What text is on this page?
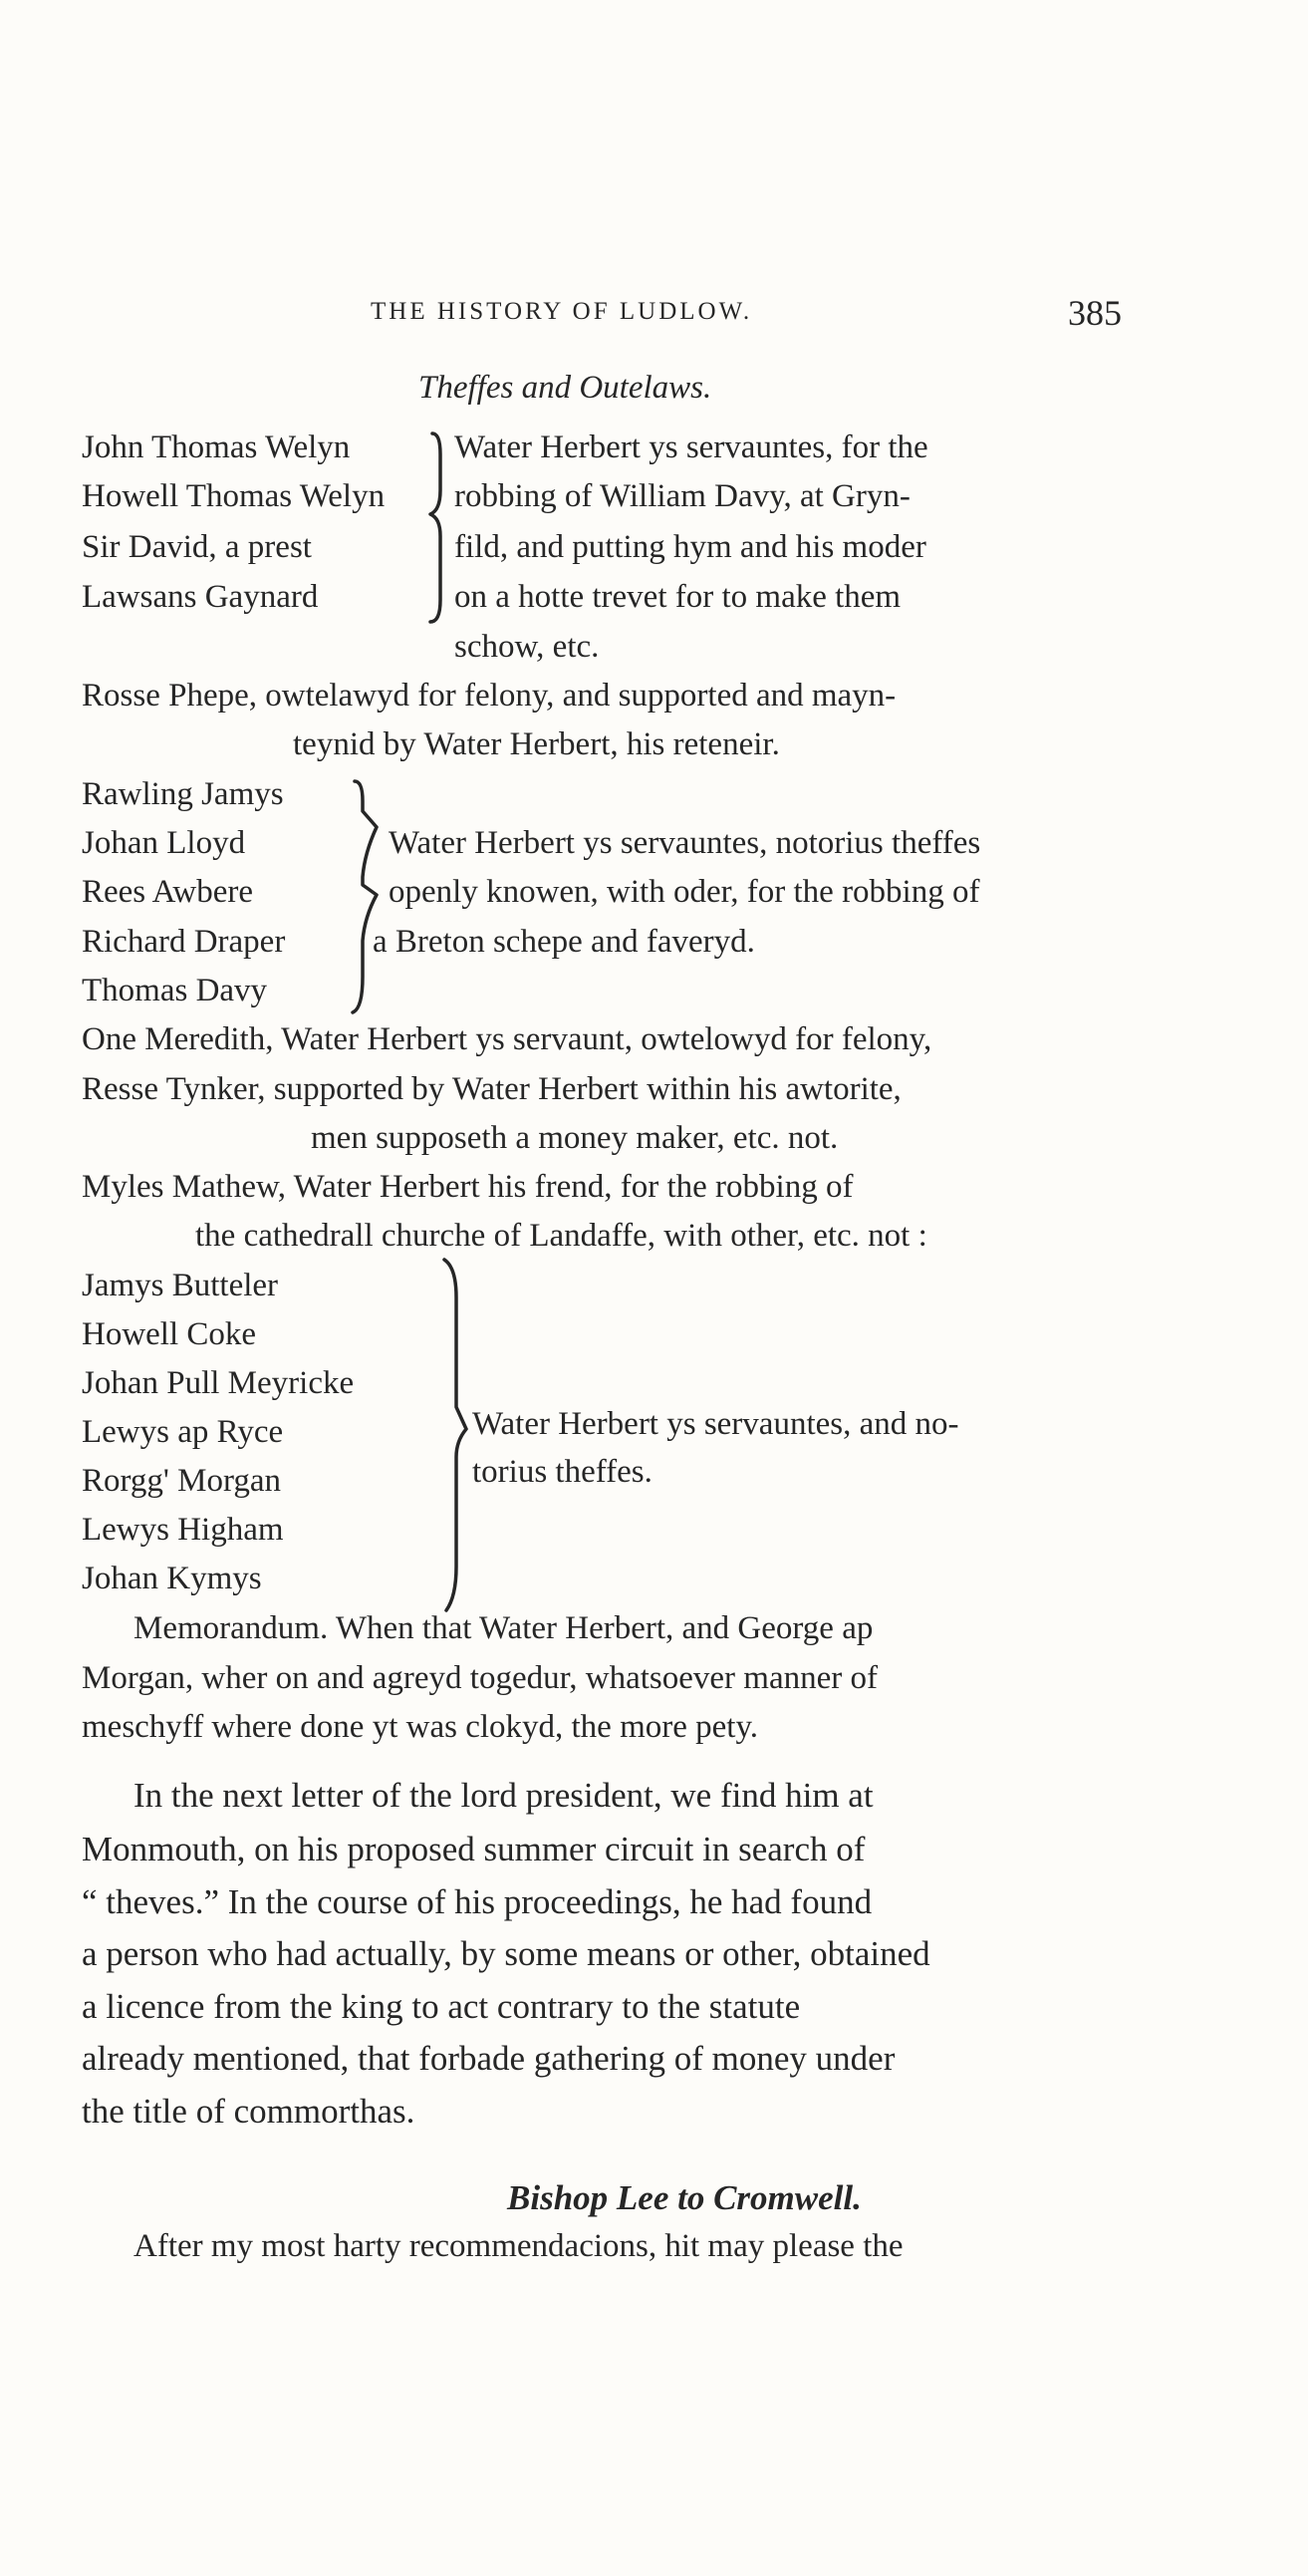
THE HISTORY OF LUDLOW.	385
Theffes and Outelaws.
John Thomas Welyn
Howell Thomas Welyn
Sir David, a prest
Lawsans Gaynard
Water Herbert ys servauntes, for the
robbing of William Davy, at Gryn-
fild, and putting hym and his moder
on a hotte trevet for to make them
schow, etc.
Rosse Phepe, owtelawyd for felony, and supported and mayn-
teynid by Water Herbert, his reteneir.
Rawling Jamys
Johan Lloyd
Rees Awbere
Richard Draper
Thomas Davy
Water Herbert ys servauntes, notorius theffes
openly knowen, with oder, for the robbing of
a Breton schepe and faveryd.
One Meredith, Water Herbert ys servaunt, owtelowyd for felony,
Resse Tynker, supported by Water Herbert within his awtorite,
men supposeth a money maker, etc. not.
Myles Mathew, Water Herbert his frend, for the robbing of
the cathedrall churche of Landaffe, with other, etc. not :
Jamys Butteler
Howell Coke
Johan Pull Meyricke
Lewys ap Ryce
Rorgg' Morgan
Lewys Higham
Johan Kymys
Water Herbert ys servauntes, and no-
torius theffes.
Memorandum. When that Water Herbert, and George ap
Morgan, wher on and agreyd togedur, whatsoever manner of
meschyff where done yt was clokyd, the more pety.
In the next letter of the lord president, we find him at
Monmouth, on his proposed summer circuit in search of
“ theves.” In the course of his proceedings, he had found
a person who had actually, by some means or other, obtained
a licence from the king to act contrary to the statute
already mentioned, that forbade gathering of money under
the title of commorthas.
Bishop Lee to Cromwell.
After my most harty recommendacions, hit may please the
